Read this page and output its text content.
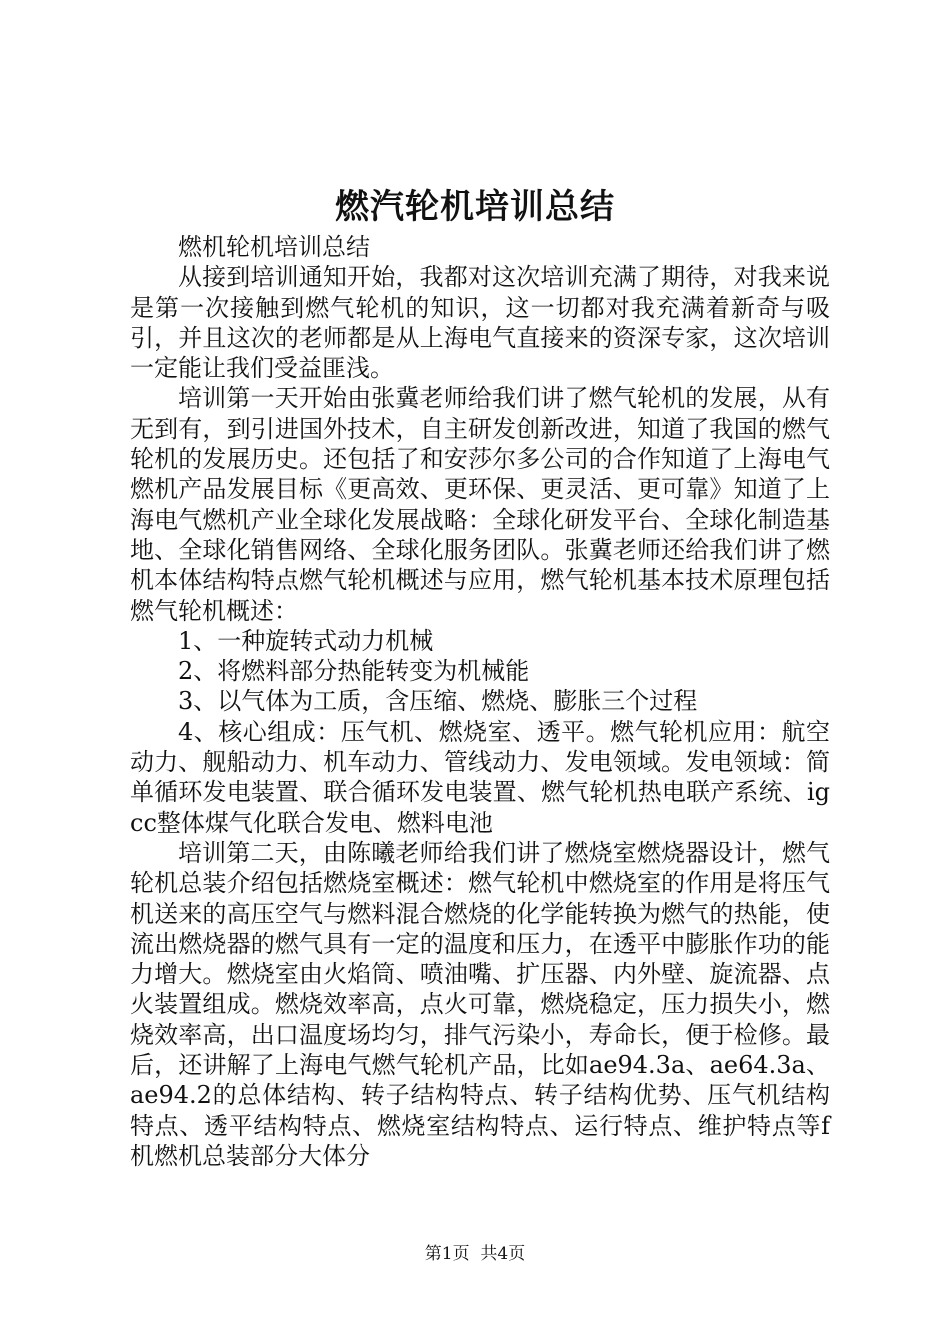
燃汽轮机培训总结

燃机轮机培训总结

从接到培训通知开始，我都对这次培训充满了期待，对我来说是第一次接触到燃气轮机的知识，这一切都对我充满着新奇与吸引，并且这次的老师都是从上海电气直接来的资深专家，这次培训一定能让我们受益匪浅。

培训第一天开始由张冀老师给我们讲了燃气轮机的发展，从有无到有，到引进国外技术，自主研发创新改进，知道了我国的燃气轮机的发展历史。还包括了和安莎尔多公司的合作知道了上海电气燃机产品发展目标《更高效、更环保、更灵活、更可靠》知道了上海电气燃机产业全球化发展战略：全球化研发平台、全球化制造基地、全球化销售网络、全球化服务团队。张冀老师还给我们讲了燃机本体结构特点燃气轮机概述与应用，燃气轮机基本技术原理包括燃气轮机概述：

1、一种旋转式动力机械

2、将燃料部分热能转变为机械能

3、以气体为工质，含压缩、燃烧、膨胀三个过程

4、核心组成：压气机、燃烧室、透平。燃气轮机应用：航空动力、舰船动力、机车动力、管线动力、发电领域。发电领域：简单循环发电装置、联合循环发电装置、燃气轮机热电联产系统、igcc整体煤气化联合发电、燃料电池

培训第二天，由陈曦老师给我们讲了燃烧室燃烧器设计，燃气轮机总装介绍包括燃烧室概述：燃气轮机中燃烧室的作用是将压气机送来的高压空气与燃料混合燃烧的化学能转换为燃气的热能，使流出燃烧器的燃气具有一定的温度和压力，在透平中膨胀作功的能力增大。燃烧室由火焰筒、喷油嘴、扩压器、内外壁、旋流器、点火装置组成。燃烧效率高，点火可靠，燃烧稳定，压力损失小，燃烧效率高，出口温度场均匀，排气污染小，寿命长，便于检修。最后，还讲解了上海电气燃气轮机产品，比如ae94.3a、ae64.3a、ae94.2的总体结构、转子结构特点、转子结构优势、压气机结构特点、透平结构特点、燃烧室结构特点、运行特点、维护特点等f机燃机总装部分大体分

第1页 共4页
